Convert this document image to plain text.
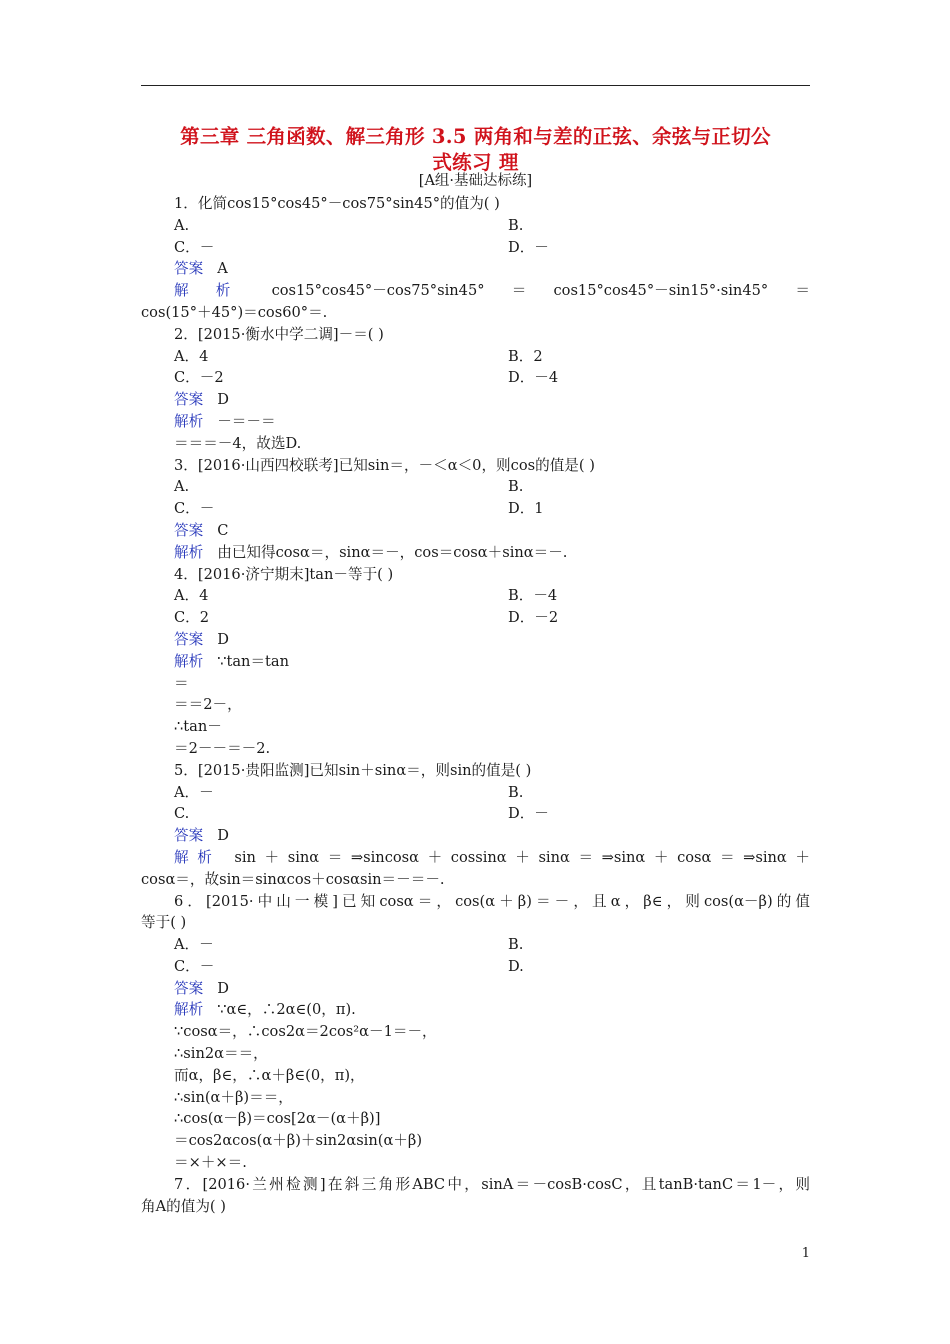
第三章 三角函数、解三角形 3.5 两角和与差的正弦、余弦与正切公
式练习 理
[A组·基础达标练]
1．化简cos15°cos45°－cos75°sin45°的值为( )
A.	B.
C．－	D．－
答案 A
解析 cos15°cos45°－cos75°sin45°＝cos15°cos45°－sin15°·sin45°＝
cos(15°＋45°)＝cos60°＝.
2．[2015·衡水中学二调]－＝( )
A．4	B．2
C．－2	D．－4
答案 D
解析 －＝－＝
＝＝＝－4，故选D.
3．[2016·山西四校联考]已知sin＝，－＜α＜0，则cos的值是( )
A.	B.
C．－	D．1
答案 C
解析 由已知得cosα＝，sinα＝－，cos＝cosα＋sinα＝－.
4．[2016·济宁期末]tan－等于( )
A．4	B．－4
C．2	D．－2
答案 D
解析 ∵tan＝tan
＝
＝＝2－，
∴tan－
＝2－－＝－2.
5．[2015·贵阳监测]已知sin＋sinα＝，则sin的值是( )
A．－	B.
C.	D．－
答案 D
解析 sin＋sinα＝⇒sincosα＋cossinα＋sinα＝⇒sinα＋cosα＝⇒sinα＋
cosα＝，故sin＝sinαcos＋cosαsin＝－＝－.
6．[2015·中山一模]已知cosα＝，cos(α＋β)＝－，且α，β∈，则cos(α－β)的值
等于( )
A．－	B.
C．－	D.
答案 D
解析 ∵α∈，∴2α∈(0，π).
∵cosα＝，∴cos2α＝2cos²α－1＝－，
∴sin2α＝＝，
而α，β∈，∴α＋β∈(0，π)，
∴sin(α＋β)＝＝，
∴cos(α－β)＝cos[2α－(α＋β)]
＝cos2αcos(α＋β)＋sin2αsin(α＋β)
＝×＋×＝.
7．[2016·兰州检测]在斜三角形ABC中，sinA＝－cosB·cosC，且tanB·tanC＝1－，则
角A的值为( )
1
